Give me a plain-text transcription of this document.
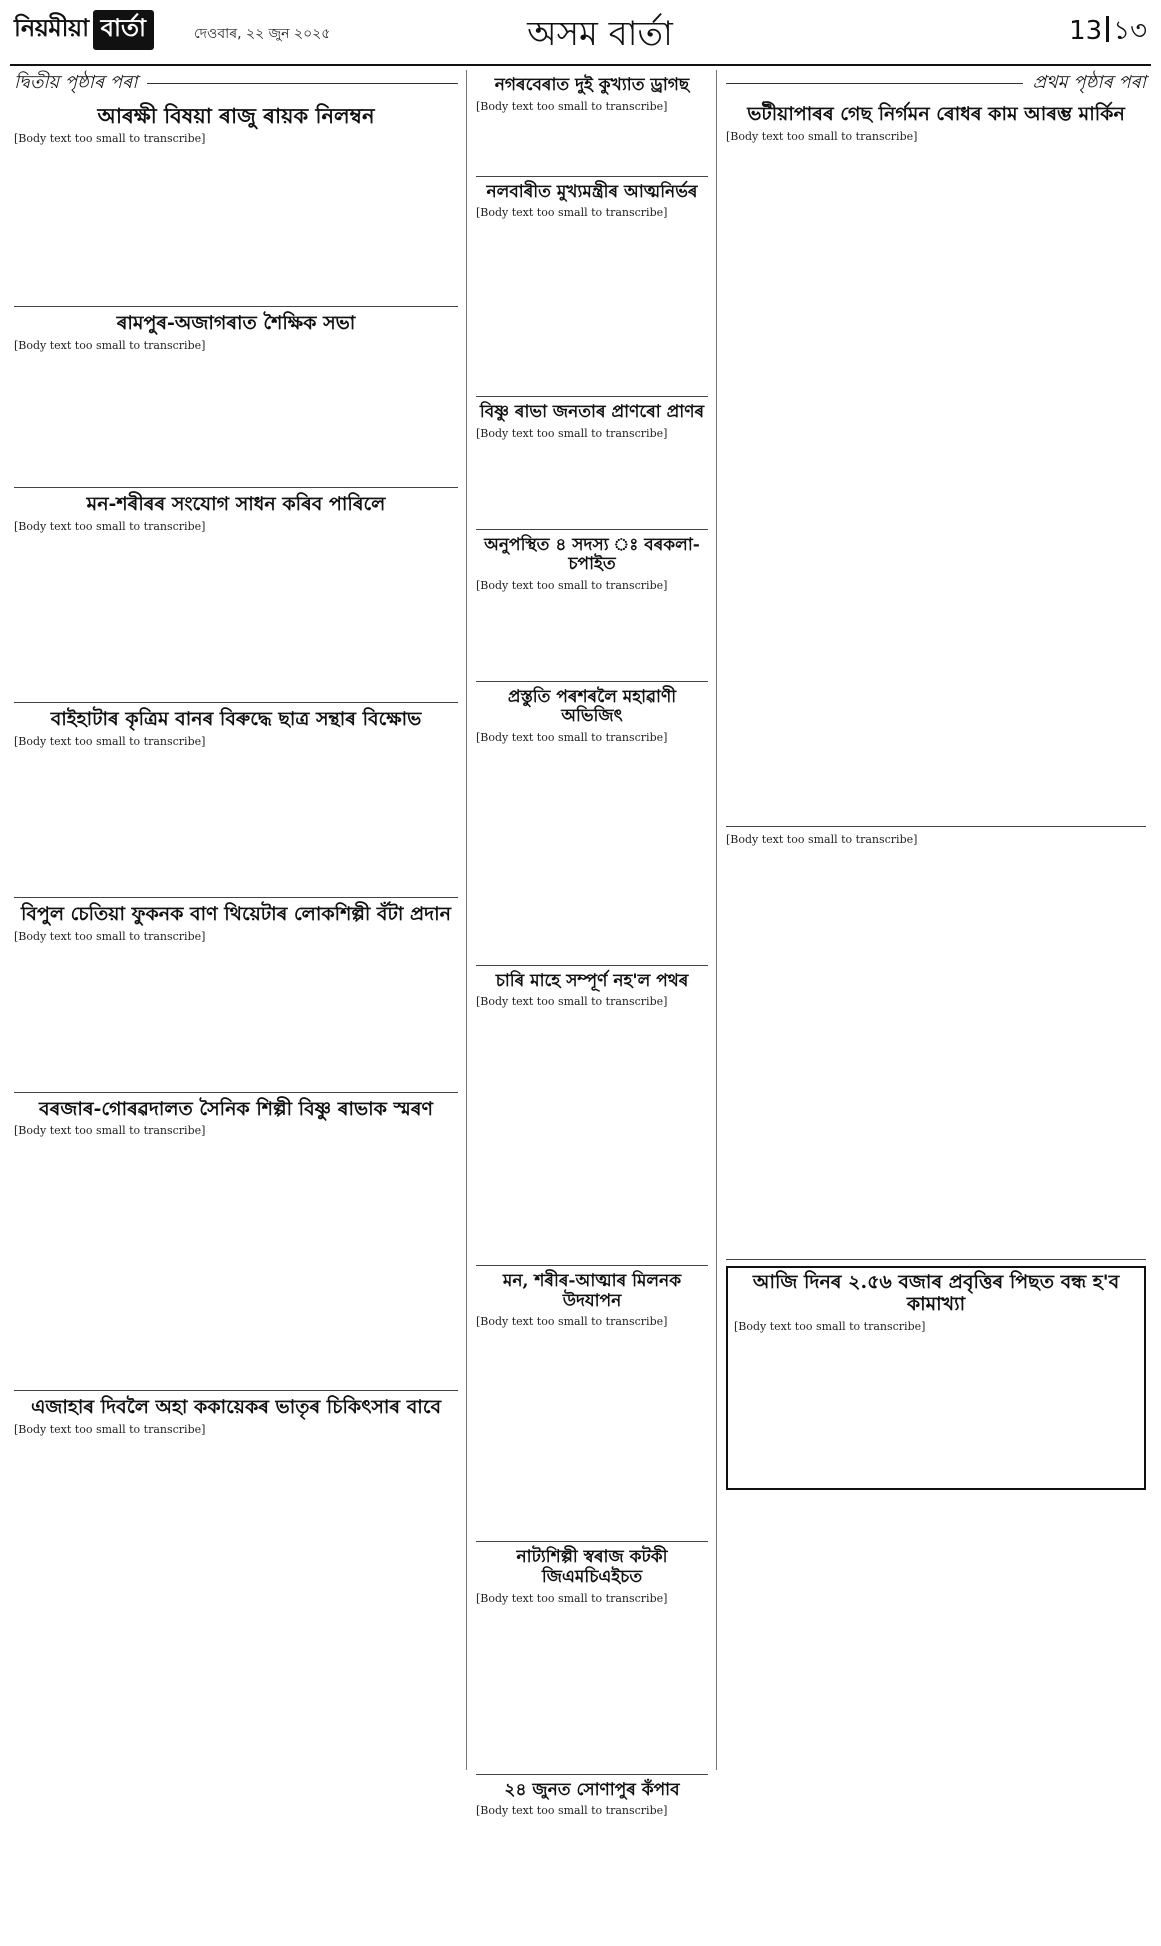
নিয়মীয়া বার্তা	দেওবাৰ, ২২ জুন ২০২৫	অসম বাৰ্তা	13 ১৩
দ্বিতীয় পৃষ্ঠাৰ পৰা
আৰক্ষী বিষয়া ৰাজু ৰায়ক নিলম্বন

[Body text too small to transcribe]

ৰামপুৰ-অজাগৰাত শৈক্ষিক সভা

[Body text too small to transcribe]

মন-শৰীৰৰ সংযোগ সাধন কৰিব পাৰিলে

[Body text too small to transcribe]

বাইহাটাৰ কৃত্ৰিম বানৰ বিৰুদ্ধে ছাত্ৰ সন্থাৰ বিক্ষোভ

[Body text too small to transcribe]

বিপুল চেতিয়া ফুকনক বাণ থিয়েটাৰ লোকশিল্পী বঁটা প্ৰদান

[Body text too small to transcribe]

বৰজাৰ-গোৰৱদালত সৈনিক শিল্পী বিষ্ণু ৰাভাক স্মৰণ

[Body text too small to transcribe]

এজাহাৰ দিবলৈ অহা ককায়েকৰ ভাতৃৰ চিকিৎসাৰ বাবে

[Body text too small to transcribe]

নগৰবেৰাত দুই কুখ্যাত ড্ৰাগছ

[Body text too small to transcribe]

নলবাৰীত মুখ্যমন্ত্ৰীৰ আত্মনিৰ্ভৰ

[Body text too small to transcribe]

বিষ্ণু ৰাভা জনতাৰ প্ৰাণৰো প্ৰাণৰ

[Body text too small to transcribe]

অনুপস্থিত ৪ সদস্য ঃ বৰকলা-চপাইত

[Body text too small to transcribe]

প্ৰস্তুতি পৰশৰলৈ মহাৱাণী অভিজিৎ

[Body text too small to transcribe]

চাৰি মাহে সম্পূৰ্ণ নহ'ল পথৰ

[Body text too small to transcribe]

মন, শৰীৰ-আত্মাৰ মিলনক উদযাপন

[Body text too small to transcribe]

নাট্যশিল্পী স্বৰাজ কটকী জিএমচিএইচত

[Body text too small to transcribe]

২৪ জুনত সোণাপুৰ কঁপাব

[Body text too small to transcribe]

প্ৰথম পৃষ্ঠাৰ পৰা
ভটীয়াপাৰৰ গেছ নিৰ্গমন ৰোধৰ কাম আৰম্ভ মাৰ্কিন

[Body text too small to transcribe]

[Body text too small to transcribe]

আজি দিনৰ ২.৫৬ বজাৰ প্ৰবৃত্তিৰ পিছত বন্ধ হ'ব কামাখ্যা

[Body text too small to transcribe]
